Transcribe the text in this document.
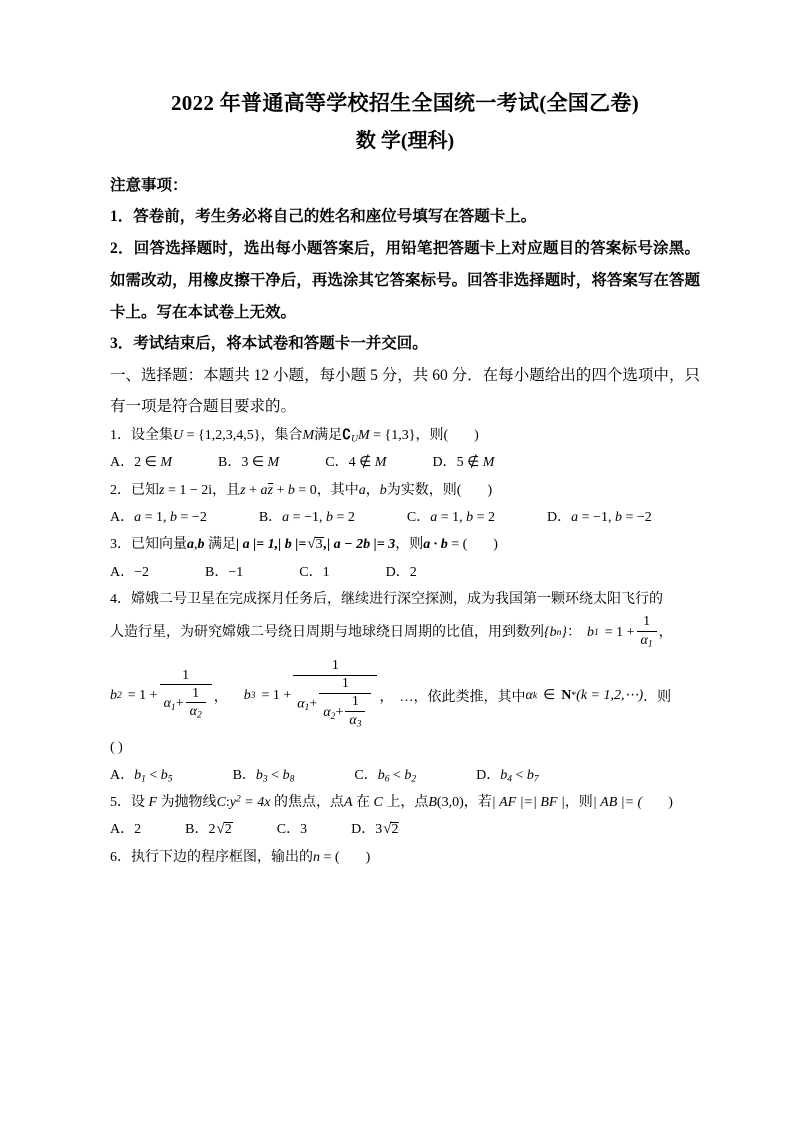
2022 年普通高等学校招生全国统一考试(全国乙卷)
数 学(理科)
注意事项：
1．答卷前，考生务必将自己的姓名和座位号填写在答题卡上。
2．回答选择题时，选出每小题答案后，用铅笔把答题卡上对应题目的答案标号涂黑。如需改动，用橡皮擦干净后，再选涂其它答案标号。回答非选择题时，将答案写在答题卡上。写在本试卷上无效。
3．考试结束后，将本试卷和答题卡一并交回。
一、选择题：本题共 12 小题，每小题 5 分，共 60 分．在每小题给出的四个选项中，只有一项是符合题目要求的。
1．设全集U = {1,2,3,4,5}，集合M满足$∁_UM = \{1,3\}$，则( )
A．2 ∈ M	B．3 ∈ M	C．4 ∉ M	D．5 ∉ M
2．已知z = 1 − 2i，且z + az + b = 0，其中a，b为实数，则( )
A．a = 1, b = −2	B．a = −1, b = 2	C．a = 1, b = 2	D．a = −1, b = −2
3．已知向量a,b 满足| a |= 1,| b |= √ 3,| a − 2b |= 3，则a · b = ( )
A．−2	B．−1	C．1	D．2
4．嫦娥二号卫星在完成探月任务后，继续进行深空探测，成为我国第一颗环绕太阳飞行的
人造行星，为研究嫦娥二号绕日周期与地球绕日周期的比值，用到数列 {b n } ： b $1 = 1 + \frac{1}{\alpha_1}$ ，
b $2 = 1 + \frac{1}{\alpha_1+ \frac{1}{\alpha_2}}$ ， b 3 = 1 +
1
$\alpha_1+ \frac{1}{\alpha_2+ \frac{1}{\alpha_3}}$ ， …， 依此类推，其中 α k ∈ N * (k = 1,2,⋯) ．则
( )
A．$b_1 < b_5$	B．$b_3 < b_8$	C．$b_6 < b_2$	D．$b_4 < b_7$
5．设 F 为抛物线$C:y^2 = 4x$ 的焦点，点A 在 C 上，点B(3,0)，若| AF |=| BF |，则| AB |= ( )
A．2	B．2 √ 2	C．3	D．3 √ 2
6．执行下边的程序框图，输出的n = ( )
